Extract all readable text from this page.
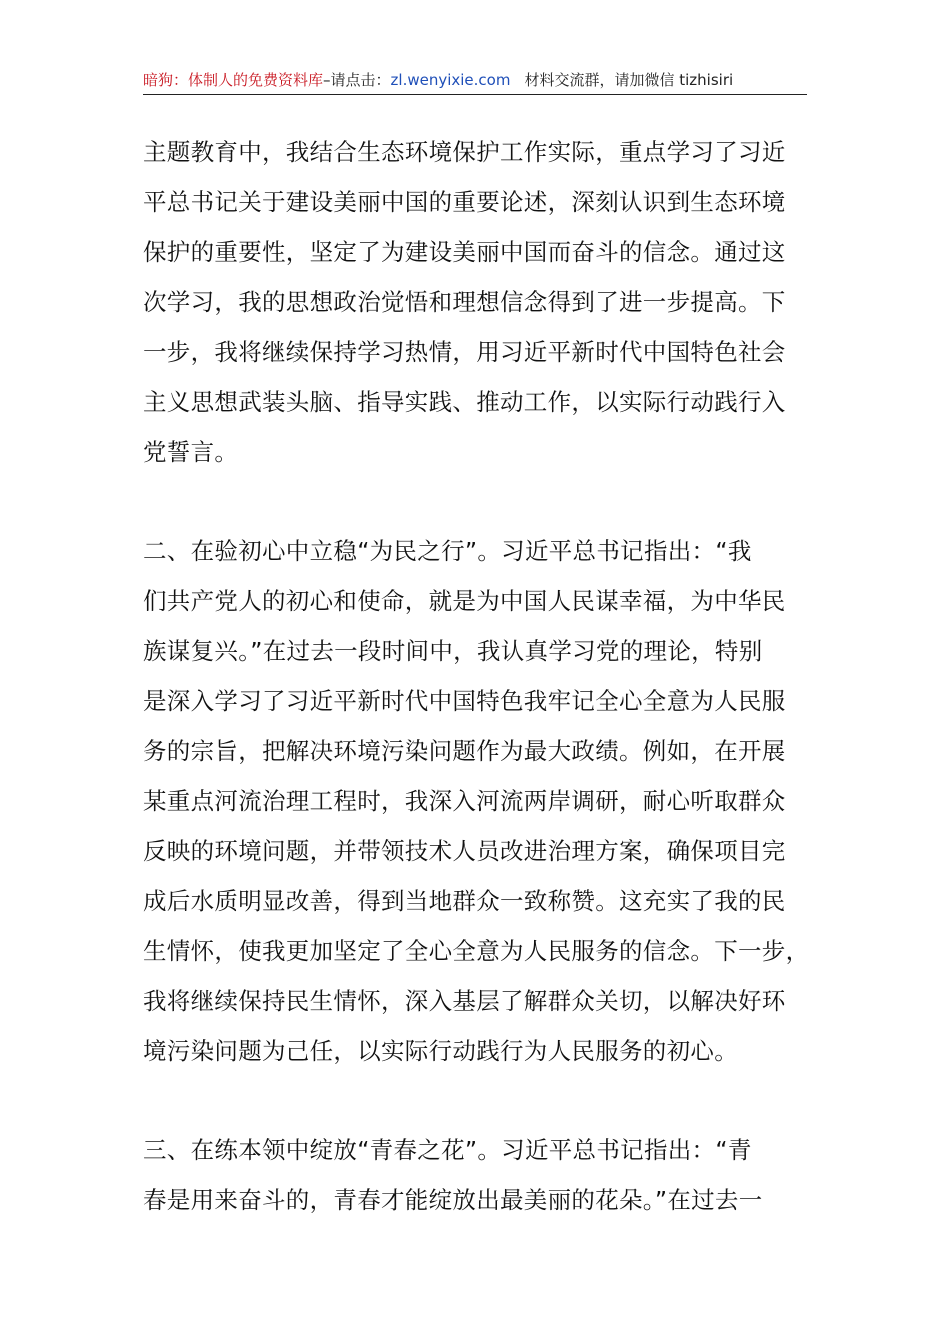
暗狗：体制人的免费资料库–请点击：zl.wenyixie.com 材料交流群，请加微信 tizhisiri
主题教育中，我结合生态环境保护工作实际，重点学习了习近
平总书记关于建设美丽中国的重要论述，深刻认识到生态环境
保护的重要性，坚定了为建设美丽中国而奋斗的信念。通过这
次学习，我的思想政治觉悟和理想信念得到了进一步提高。下
一步，我将继续保持学习热情，用习近平新时代中国特色社会
主义思想武装头脑、指导实践、推动工作，以实际行动践行入
党誓言。
二、在验初心中立稳“为民之行”。习近平总书记指出：“我
们共产党人的初心和使命，就是为中国人民谋幸福，为中华民
族谋复兴。”在过去一段时间中，我认真学习党的理论，特别
是深入学习了习近平新时代中国特色我牢记全心全意为人民服
务的宗旨，把解决环境污染问题作为最大政绩。例如，在开展
某重点河流治理工程时，我深入河流两岸调研，耐心听取群众
反映的环境问题，并带领技术人员改进治理方案，确保项目完
成后水质明显改善，得到当地群众一致称赞。这充实了我的民
生情怀，使我更加坚定了全心全意为人民服务的信念。下一步，
我将继续保持民生情怀，深入基层了解群众关切，以解决好环
境污染问题为己任，以实际行动践行为人民服务的初心。
三、在练本领中绽放“青春之花”。习近平总书记指出：“青
春是用来奋斗的，青春才能绽放出最美丽的花朵。”在过去一
